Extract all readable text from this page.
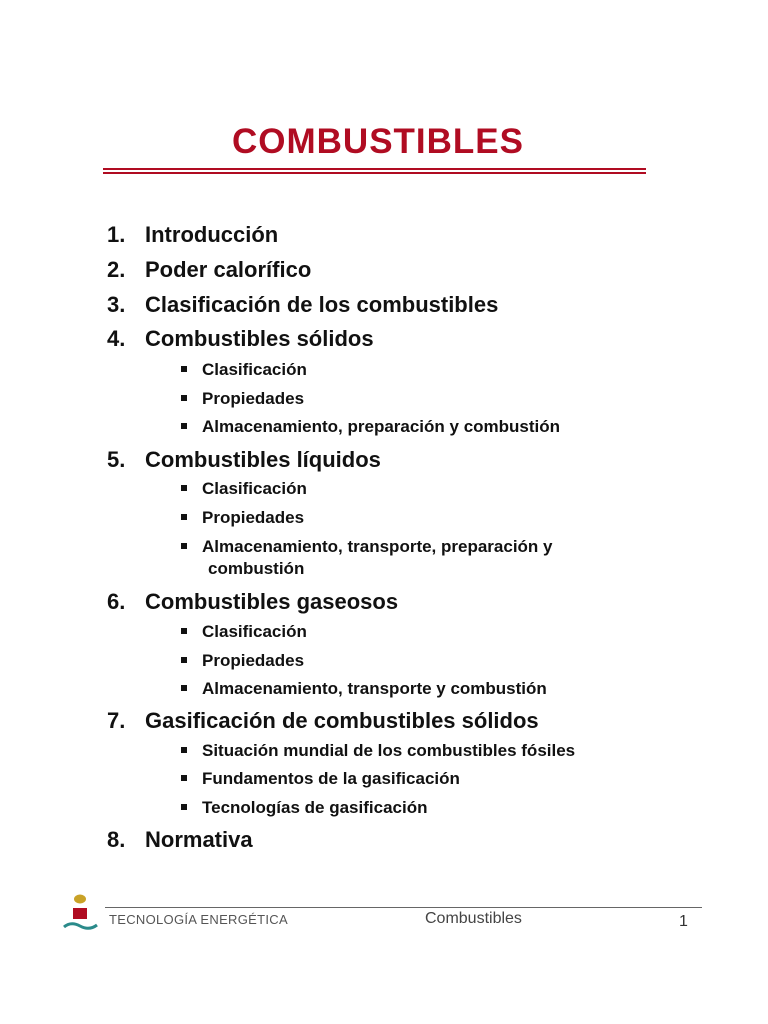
COMBUSTIBLES
1. Introducción
2. Poder calorífico
3. Clasificación de los combustibles
4. Combustibles sólidos
Clasificación
Propiedades
Almacenamiento, preparación y combustión
5. Combustibles líquidos
Clasificación
Propiedades
Almacenamiento, transporte, preparación y
combustión
6. Combustibles gaseosos
Clasificación
Propiedades
Almacenamiento, transporte y combustión
7. Gasificación de combustibles sólidos
Situación mundial de los combustibles fósiles
Fundamentos de la gasificación
Tecnologías de gasificación
8. Normativa
TECNOLOGÍA ENERGÉTICA	Combustibles	1
